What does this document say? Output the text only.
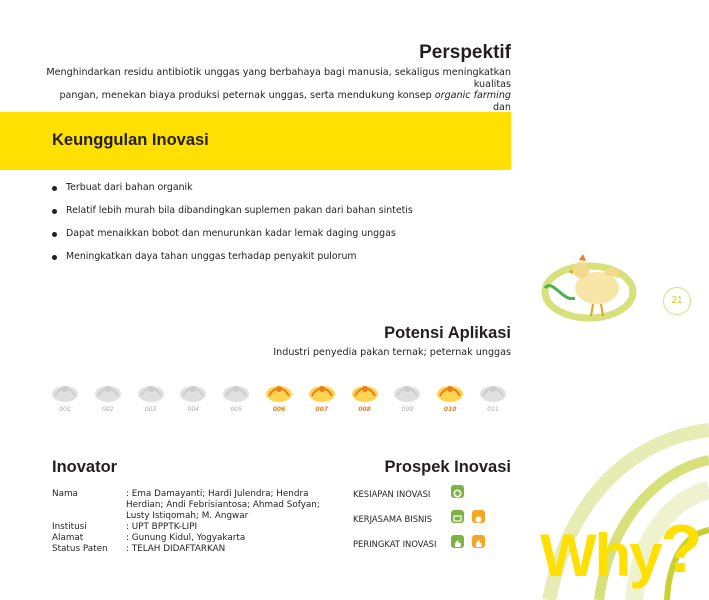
21
Perspektif
Menghindarkan residu antibiotik unggas yang berbahaya bagi manusia, sekaligus meningkatkan kualitas
pangan, menekan biaya produksi peternak unggas, serta mendukung konsep organic farming dan
Keunggulan Inovasi
Terbuat dari bahan organik
Relatif lebih murah bila dibandingkan suplemen pakan dari bahan sintetis
Dapat menaikkan bobot dan menurunkan kadar lemak daging unggas
Meningkatkan daya tahan unggas terhadap penyakit pulorum
Potensi Aplikasi
Industri penyedia pakan ternak; peternak unggas
001	002	003	004	005	006	007	008	009	010	011
Inovator
Nama	: Ema Damayanti; Hardi Julendra; Hendra Herdian; Andi Febrisiantosa; Ahmad Sofyan; Lusty Istiqomah; M. Angwar
Institusi	: UPT BPPTK-LIPI
Alamat	: Gunung Kidul, Yogyakarta
Status Paten : TELAH DIDAFTARKAN
Prospek Inovasi
KESIAPAN INOVASI
KERJASAMA BISNIS
PERINGKAT INOVASI Why?
